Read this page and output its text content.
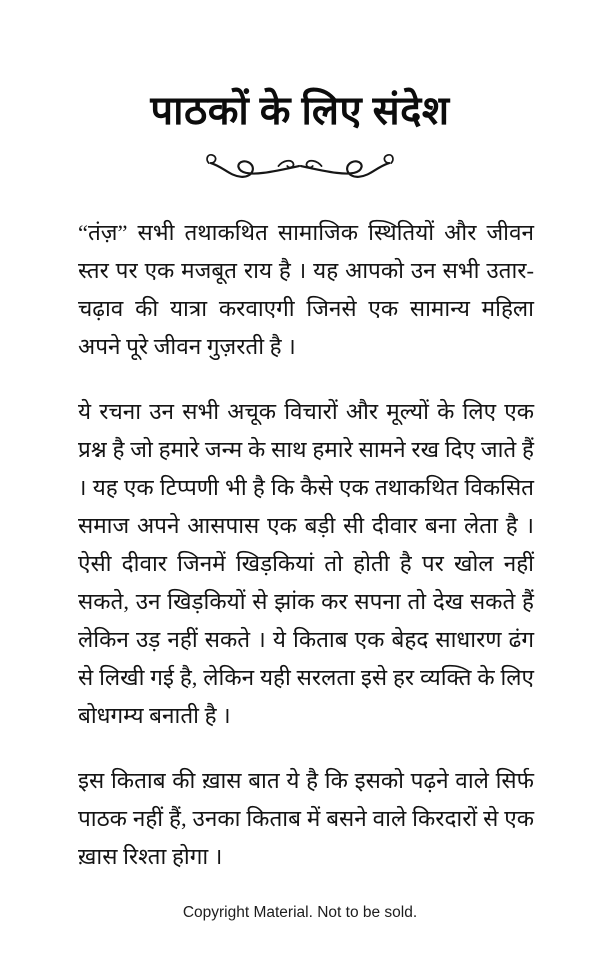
पाठकों के लिए संदेश

“तंज़” सभी तथाकथित सामाजिक स्थितियों और जीवन स्तर पर एक मजबूत राय है । यह आपको उन सभी उतार-चढ़ाव की यात्रा करवाएगी जिनसे एक सामान्य महिला अपने पूरे जीवन गुज़रती है ।

ये रचना उन सभी अचूक विचारों और मूल्यों के लिए एक प्रश्न है जो हमारे जन्म के साथ हमारे सामने रख दिए जाते हैं । यह एक टिप्पणी भी है कि कैसे एक तथाकथित विकसित समाज अपने आसपास एक बड़ी सी दीवार बना लेता है । ऐसी दीवार जिनमें खिड़कियां तो होती है पर खोल नहीं सकते, उन खिड़कियों से झांक कर सपना तो देख सकते हैं लेकिन उड़ नहीं सकते । ये किताब एक बेहद साधारण ढंग से लिखी गई है, लेकिन यही सरलता इसे हर व्यक्ति के लिए बोधगम्य बनाती है ।

इस किताब की ख़ास बात ये है कि इसको पढ़ने वाले सिर्फ पाठक नहीं हैं, उनका किताब में बसने वाले किरदारों से एक ख़ास रिश्ता होगा ।

Copyright Material. Not to be sold.
